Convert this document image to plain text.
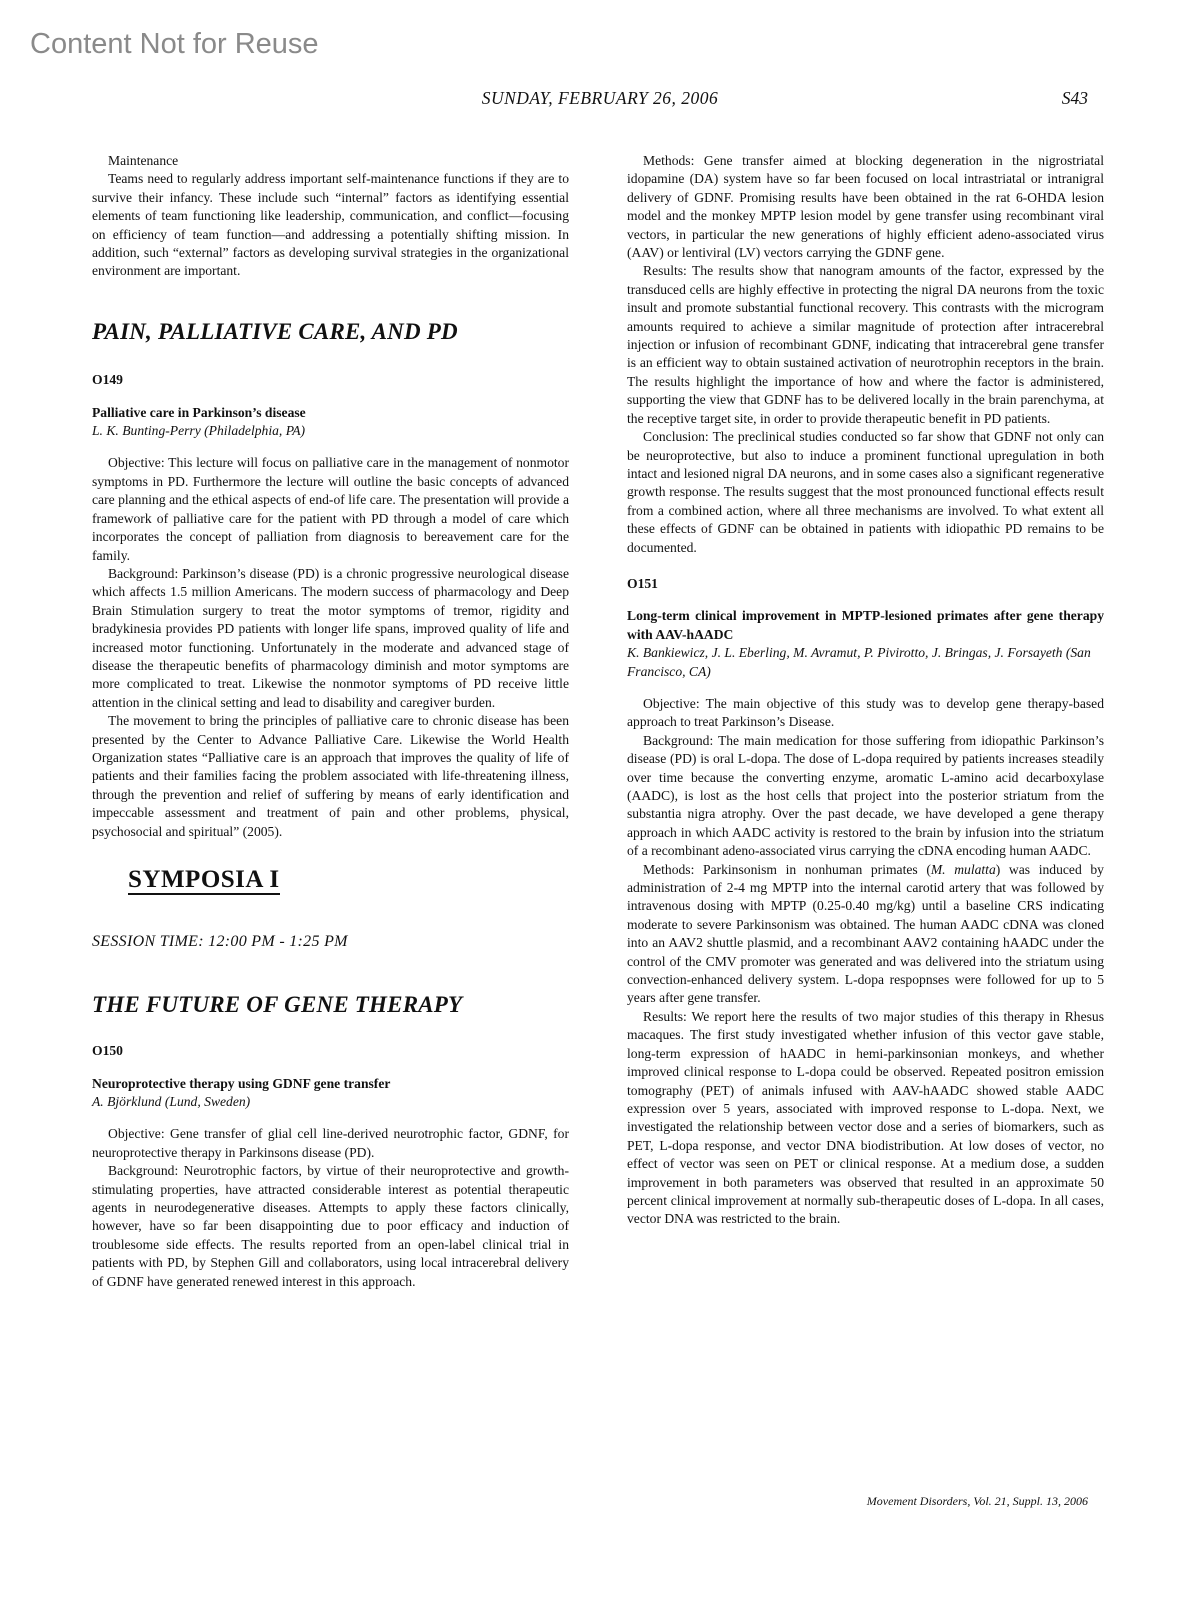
Content Not for Reuse
SUNDAY, FEBRUARY 26, 2006	S43

Maintenance

Teams need to regularly address important self-maintenance functions if they are to survive their infancy. These include such “internal” factors as identifying essential elements of team functioning like leadership, communication, and conflict—focusing on efficiency of team function—and addressing a potentially shifting mission. In addition, such “external” factors as developing survival strategies in the organizational environment are important.

PAIN, PALLIATIVE CARE, AND PD
O149
Palliative care in Parkinson’s disease
L. K. Bunting-Perry (Philadelphia, PA)

Objective: This lecture will focus on palliative care in the management of nonmotor symptoms in PD. Furthermore the lecture will outline the basic concepts of advanced care planning and the ethical aspects of end-of life care. The presentation will provide a framework of palliative care for the patient with PD through a model of care which incorporates the concept of palliation from diagnosis to bereavement care for the family.

Background: Parkinson’s disease (PD) is a chronic progressive neurological disease which affects 1.5 million Americans. The modern success of pharmacology and Deep Brain Stimulation surgery to treat the motor symptoms of tremor, rigidity and bradykinesia provides PD patients with longer life spans, improved quality of life and increased motor functioning. Unfortunately in the moderate and advanced stage of disease the therapeutic benefits of pharmacology diminish and motor symptoms are more complicated to treat. Likewise the nonmotor symptoms of PD receive little attention in the clinical setting and lead to disability and caregiver burden.

The movement to bring the principles of palliative care to chronic disease has been presented by the Center to Advance Palliative Care. Likewise the World Health Organization states “Palliative care is an approach that improves the quality of life of patients and their families facing the problem associated with life-threatening illness, through the prevention and relief of suffering by means of early identification and impeccable assessment and treatment of pain and other problems, physical, psychosocial and spiritual” (2005).

SYMPOSIA I
SESSION TIME: 12:00 PM - 1:25 PM
THE FUTURE OF GENE THERAPY
O150
Neuroprotective therapy using GDNF gene transfer
A. Björklund (Lund, Sweden)

Objective: Gene transfer of glial cell line-derived neurotrophic factor, GDNF, for neuroprotective therapy in Parkinsons disease (PD).

Background: Neurotrophic factors, by virtue of their neuroprotective and growth-stimulating properties, have attracted considerable interest as potential therapeutic agents in neurodegenerative diseases. Attempts to apply these factors clinically, however, have so far been disappointing due to poor efficacy and induction of troublesome side effects. The results reported from an open-label clinical trial in patients with PD, by Stephen Gill and collaborators, using local intracerebral delivery of GDNF have generated renewed interest in this approach.

Methods: Gene transfer aimed at blocking degeneration in the nigrostriatal idopamine (DA) system have so far been focused on local intrastriatal or intranigral delivery of GDNF. Promising results have been obtained in the rat 6-OHDA lesion model and the monkey MPTP lesion model by gene transfer using recombinant viral vectors, in particular the new generations of highly efficient adeno-associated virus (AAV) or lentiviral (LV) vectors carrying the GDNF gene.

Results: The results show that nanogram amounts of the factor, expressed by the transduced cells are highly effective in protecting the nigral DA neurons from the toxic insult and promote substantial functional recovery. This contrasts with the microgram amounts required to achieve a similar magnitude of protection after intracerebral injection or infusion of recombinant GDNF, indicating that intracerebral gene transfer is an efficient way to obtain sustained activation of neurotrophin receptors in the brain. The results highlight the importance of how and where the factor is administered, supporting the view that GDNF has to be delivered locally in the brain parenchyma, at the receptive target site, in order to provide therapeutic benefit in PD patients.

Conclusion: The preclinical studies conducted so far show that GDNF not only can be neuroprotective, but also to induce a prominent functional upregulation in both intact and lesioned nigral DA neurons, and in some cases also a significant regenerative growth response. The results suggest that the most pronounced functional effects result from a combined action, where all three mechanisms are involved. To what extent all these effects of GDNF can be obtained in patients with idiopathic PD remains to be documented.

O151
Long-term clinical improvement in MPTP-lesioned primates after gene therapy with AAV-hAADC
K. Bankiewicz, J. L. Eberling, M. Avramut, P. Pivirotto, J. Bringas, J. Forsayeth (San Francisco, CA)

Objective: The main objective of this study was to develop gene therapy-based approach to treat Parkinson’s Disease.

Background: The main medication for those suffering from idiopathic Parkinson’s disease (PD) is oral L-dopa. The dose of L-dopa required by patients increases steadily over time because the converting enzyme, aromatic L-amino acid decarboxylase (AADC), is lost as the host cells that project into the posterior striatum from the substantia nigra atrophy. Over the past decade, we have developed a gene therapy approach in which AADC activity is restored to the brain by infusion into the striatum of a recombinant adeno-associated virus carrying the cDNA encoding human AADC.

Methods: Parkinsonism in nonhuman primates (M. mulatta) was induced by administration of 2-4 mg MPTP into the internal carotid artery that was followed by intravenous dosing with MPTP (0.25-0.40 mg/kg) until a baseline CRS indicating moderate to severe Parkinsonism was obtained. The human AADC cDNA was cloned into an AAV2 shuttle plasmid, and a recombinant AAV2 containing hAADC under the control of the CMV promoter was generated and was delivered into the striatum using convection-enhanced delivery system. L-dopa respopnses were followed for up to 5 years after gene transfer.

Results: We report here the results of two major studies of this therapy in Rhesus macaques. The first study investigated whether infusion of this vector gave stable, long-term expression of hAADC in hemi-parkinsonian monkeys, and whether improved clinical response to L-dopa could be observed. Repeated positron emission tomography (PET) of animals infused with AAV-hAADC showed stable AADC expression over 5 years, associated with improved response to L-dopa. Next, we investigated the relationship between vector dose and a series of biomarkers, such as PET, L-dopa response, and vector DNA biodistribution. At low doses of vector, no effect of vector was seen on PET or clinical response. At a medium dose, a sudden improvement in both parameters was observed that resulted in an approximate 50 percent clinical improvement at normally sub-therapeutic doses of L-dopa. In all cases, vector DNA was restricted to the brain.

Movement Disorders, Vol. 21, Suppl. 13, 2006
